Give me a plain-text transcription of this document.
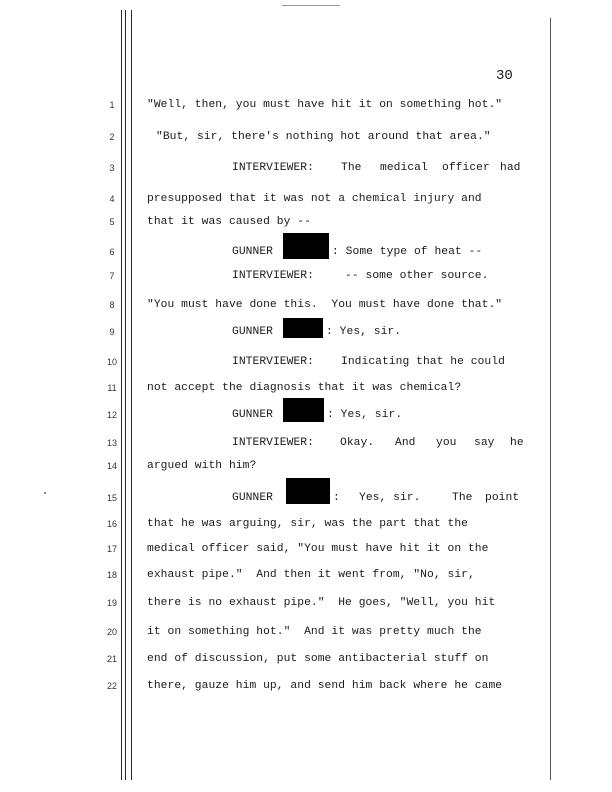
30
1	"Well, then, you must have hit it on something hot."
2	"But, sir, there's nothing hot around that area."
3	INTERVIEWER: The medical officer had
4	presupposed that it was not a chemical injury and
5	that it was caused by --
6	GUNNER	: Some type of heat --
7	INTERVIEWER:	-- some other source.
8	"You must have done this.  You must have done that."
9	GUNNER	: Yes, sir.
10	INTERVIEWER: Indicating that he could
11	not accept the diagnosis that it was chemical?
12	GUNNER	: Yes, sir.
13	INTERVIEWER: Okay. And you say he
14	argued with him?
15	GUNNER	: Yes, sir.	The point
16	that he was arguing, sir, was the part that the
17	medical officer said, "You must have hit it on the
18	exhaust pipe."  And then it went from, "No, sir,
19	there is no exhaust pipe."  He goes, "Well, you hit
20	it on something hot."  And it was pretty much the
21	end of discussion, put some antibacterial stuff on
22	there, gauze him up, and send him back where he came
